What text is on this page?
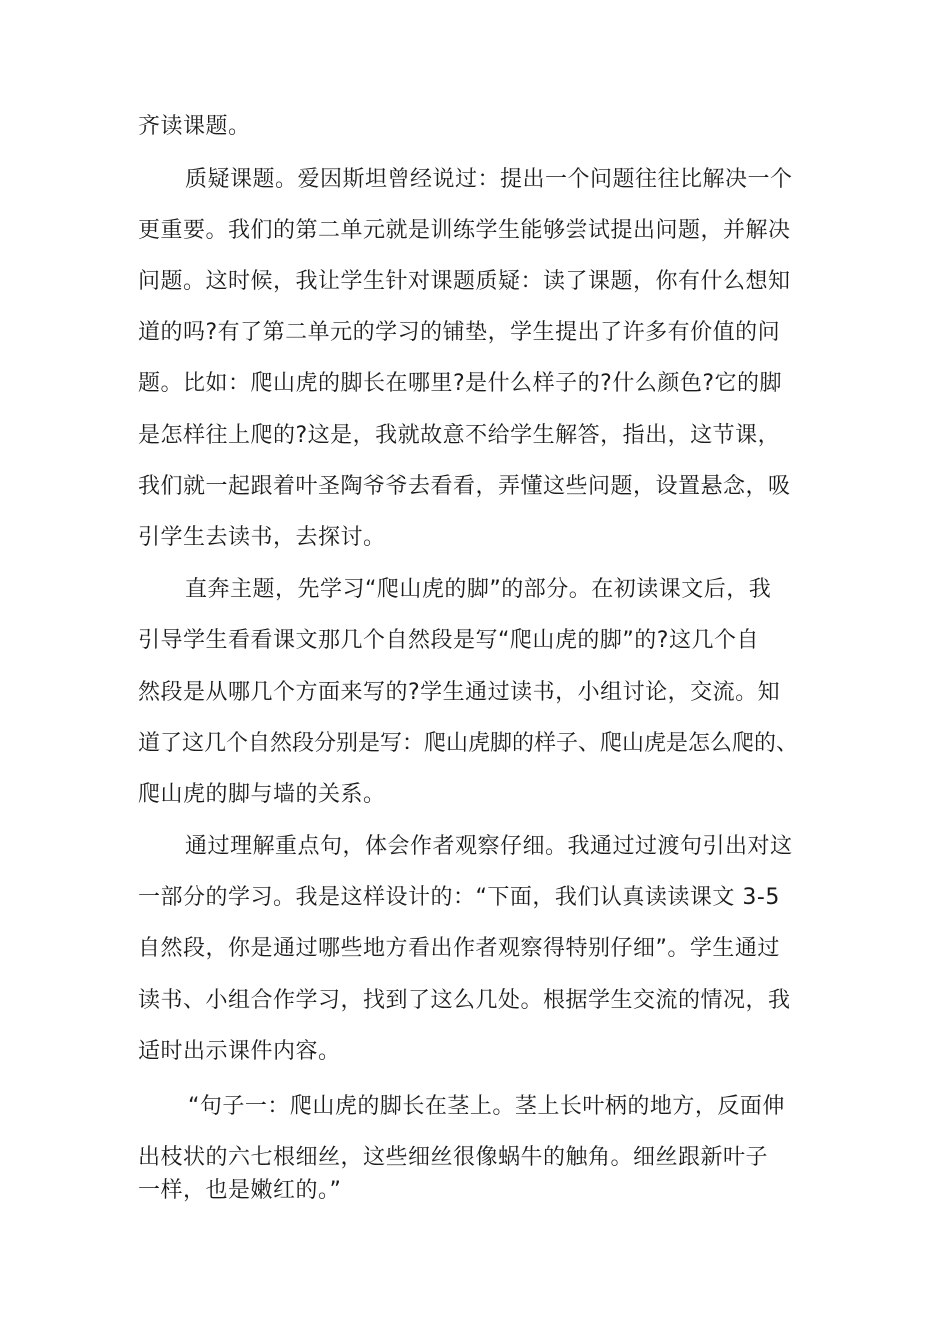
齐读课题。
质疑课题。爱因斯坦曾经说过：提出一个问题往往比解决一个
更重要。我们的第二单元就是训练学生能够尝试提出问题，并解决
问题。这时候，我让学生针对课题质疑：读了课题，你有什么想知
道的吗?有了第二单元的学习的铺垫，学生提出了许多有价值的问
题。比如：爬山虎的脚长在哪里?是什么样子的?什么颜色?它的脚
是怎样往上爬的?这是，我就故意不给学生解答，指出，这节课，
我们就一起跟着叶圣陶爷爷去看看，弄懂这些问题，设置悬念，吸
引学生去读书，去探讨。
直奔主题，先学习“爬山虎的脚”的部分。在初读课文后，我
引导学生看看课文那几个自然段是写“爬山虎的脚”的?这几个自
然段是从哪几个方面来写的?学生通过读书，小组讨论，交流。知
道了这几个自然段分别是写：爬山虎脚的样子、爬山虎是怎么爬的、
爬山虎的脚与墙的关系。
通过理解重点句，体会作者观察仔细。我通过过渡句引出对这
一部分的学习。我是这样设计的：“下面，我们认真读读课文 3-5
自然段，你是通过哪些地方看出作者观察得特别仔细”。学生通过
读书、小组合作学习，找到了这么几处。根据学生交流的情况，我
适时出示课件内容。
“句子一：爬山虎的脚长在茎上。茎上长叶柄的地方，反面伸
出枝状的六七根细丝，这些细丝很像蜗牛的触角。细丝跟新叶子
一样，也是嫩红的。”
